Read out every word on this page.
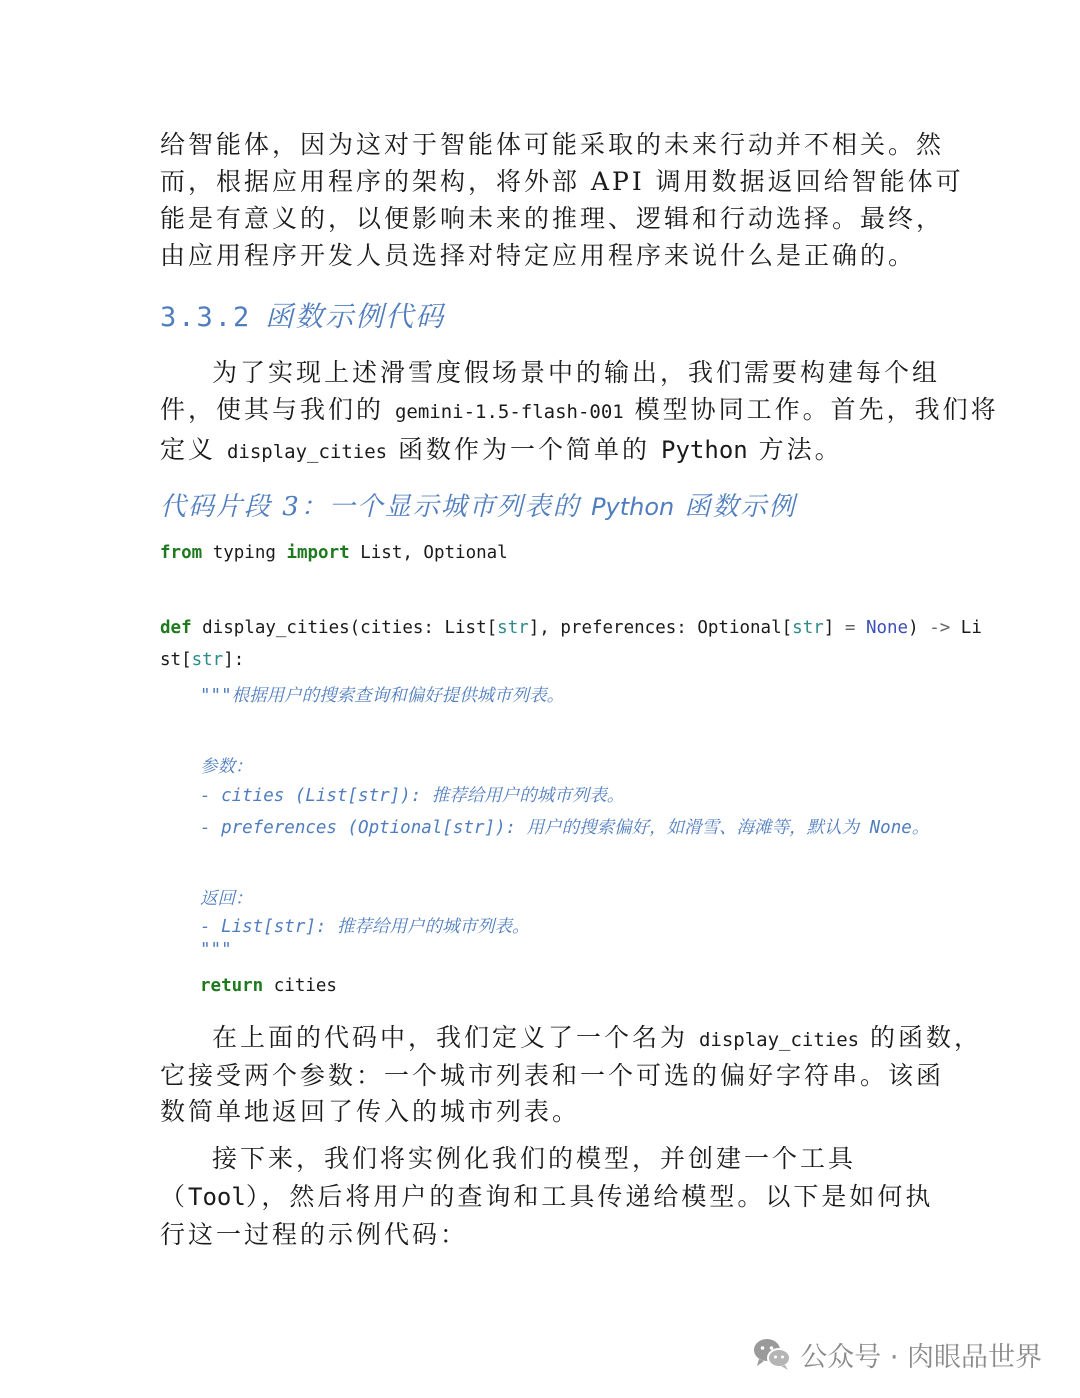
给智能体，因为这对于智能体可能采取的未来行动并不相关。然
而，根据应用程序的架构，将外部 API 调用数据返回给智能体可
能是有意义的，以便影响未来的推理、逻辑和行动选择。最终，
由应用程序开发人员选择对特定应用程序来说什么是正确的。
3.3.2 函数示例代码
为了实现上述滑雪度假场景中的输出，我们需要构建每个组
件，使其与我们的 gemini-1.5-flash-001 模型协同工作。首先，我们将
定义 display_cities 函数作为一个简单的 Python 方法。
代码片段 3：一个显示城市列表的 Python 函数示例
from typing import List, Optional
def display_cities(cities: List[str], preferences: Optional[str] = None) -> Li
st[str]:
"""根据用户的搜索查询和偏好提供城市列表。
参数：
- cities (List[str]): 推荐给用户的城市列表。
- preferences (Optional[str]): 用户的搜索偏好，如滑雪、海滩等，默认为 None。
返回：
- List[str]: 推荐给用户的城市列表。
"""
return cities
在上面的代码中，我们定义了一个名为 display_cities 的函数，
它接受两个参数：一个城市列表和一个可选的偏好字符串。该函
数简单地返回了传入的城市列表。
接下来，我们将实例化我们的模型，并创建一个工具
（Tool），然后将用户的查询和工具传递给模型。以下是如何执
行这一过程的示例代码：
公众号 · 肉眼品世界
